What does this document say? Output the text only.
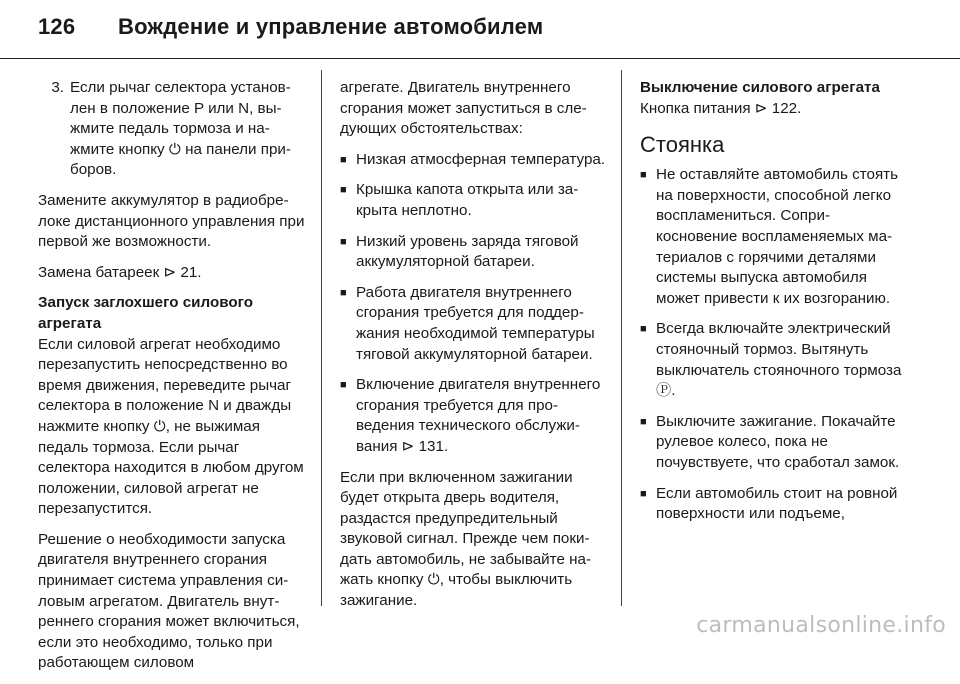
126 Вождение и управление автомобилем
3. Если рычаг селектора установлен в положение P или N, выжмите педаль тормоза и нажмите кнопку ⏻ на панели приборов.

Замените аккумулятор в радиобрелоке дистанционного управления при первой же возможности.

Замена батареек ⊳ 21.

Запуск заглохшего силового агрегата

Если силовой агрегат необходимо перезапустить непосредственно во время движения, переведите рычаг селектора в положение N и дважды нажмите кнопку ⏻, не выжимая педаль тормоза. Если рычаг селектора находится в любом другом положении, силовой агрегат не перезапустится.

Решение о необходимости запуска двигателя внутреннего сгорания принимает система управления силовым агрегатом. Двигатель внутреннего сгорания может включиться, если это необходимо, только при работающем силовом

агрегате. Двигатель внутреннего сгорания может запуститься в следующих обстоятельствах:

■ Низкая атмосферная температура.
■ Крышка капота открыта или закрыта неплотно.
■ Низкий уровень заряда тяговой аккумуляторной батареи.
■ Работа двигателя внутреннего сгорания требуется для поддержания необходимой температуры тяговой аккумуляторной батареи.
■ Включение двигателя внутреннего сгорания требуется для проведения технического обслуживания ⊳ 131.

Если при включенном зажигании будет открыта дверь водителя, раздастся предупредительный звуковой сигнал. Прежде чем покидать автомобиль, не забывайте нажать кнопку ⏻, чтобы выключить зажигание.

Выключение силового агрегата

Кнопка питания ⊳ 122.

Стоянка
■ Не оставляйте автомобиль стоять на поверхности, способной легко воспламениться. Соприкосновение воспламеняемых материалов с горячими деталями системы выпуска автомобиля может привести к их возгоранию.
■ Всегда включайте электрический стояночный тормоз. Вытянуть выключатель стояночного тормоза Ⓟ.
■ Выключите зажигание. Покачайте рулевое колесо, пока не почувствуете, что сработал замок.
■ Если автомобиль стоит на ровной поверхности или подъеме,
carmanualsonline.info
